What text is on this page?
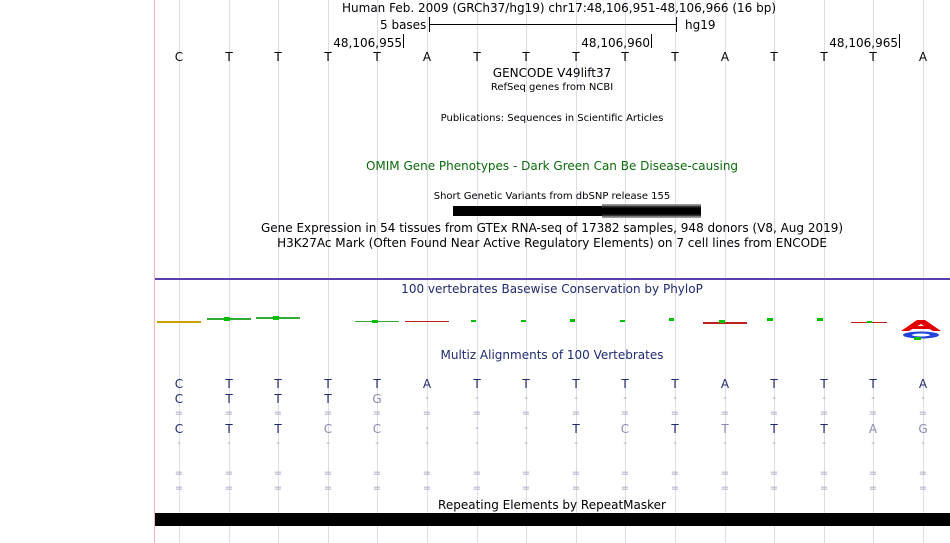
Human Feb. 2009 (GRCh37/hg19) chr17:48,106,951-48,106,966 (16 bp)
5 bases	hg19
48,106,955	48,106,960	48,106,965
C	T	T	T	T	A	T	T	T	T	T	A	T	T	T	A
GENCODE V49lift37
RefSeq genes from NCBI
Publications: Sequences in Scientific Articles
OMIM Gene Phenotypes - Dark Green Can Be Disease-causing
Short Genetic Variants from dbSNP release 155
Gene Expression in 54 tissues from GTEx RNA-seq of 17382 samples, 948 donors (V8, Aug 2019)
H3K27Ac Mark (Often Found Near Active Regulatory Elements) on 7 cell lines from ENCODE
100 vertebrates Basewise Conservation by PhyloP
Multiz Alignments of 100 Vertebrates
C	T	T	T	T	A	T	T	T	T	T	A	T	T	T	A
C	T	T	T	G	-	-	-	-	-	-	-	-	-	-	-
=	=	=	=	=	=	=	=	=	=	=	=	=	=	=	=
C	T	T	C	C	-	-	-	T	C	T	T	T	T	A	G
-	-	-	-	-	-	-	-	-	-	-	-	-	-	-	-
=	=	=	=	=	=	=	=	=	=	=	=	=	=	=	=
=	=	=	=	=	=	=	=	=	=	=	=	=	=	=	=
Repeating Elements by RepeatMasker
